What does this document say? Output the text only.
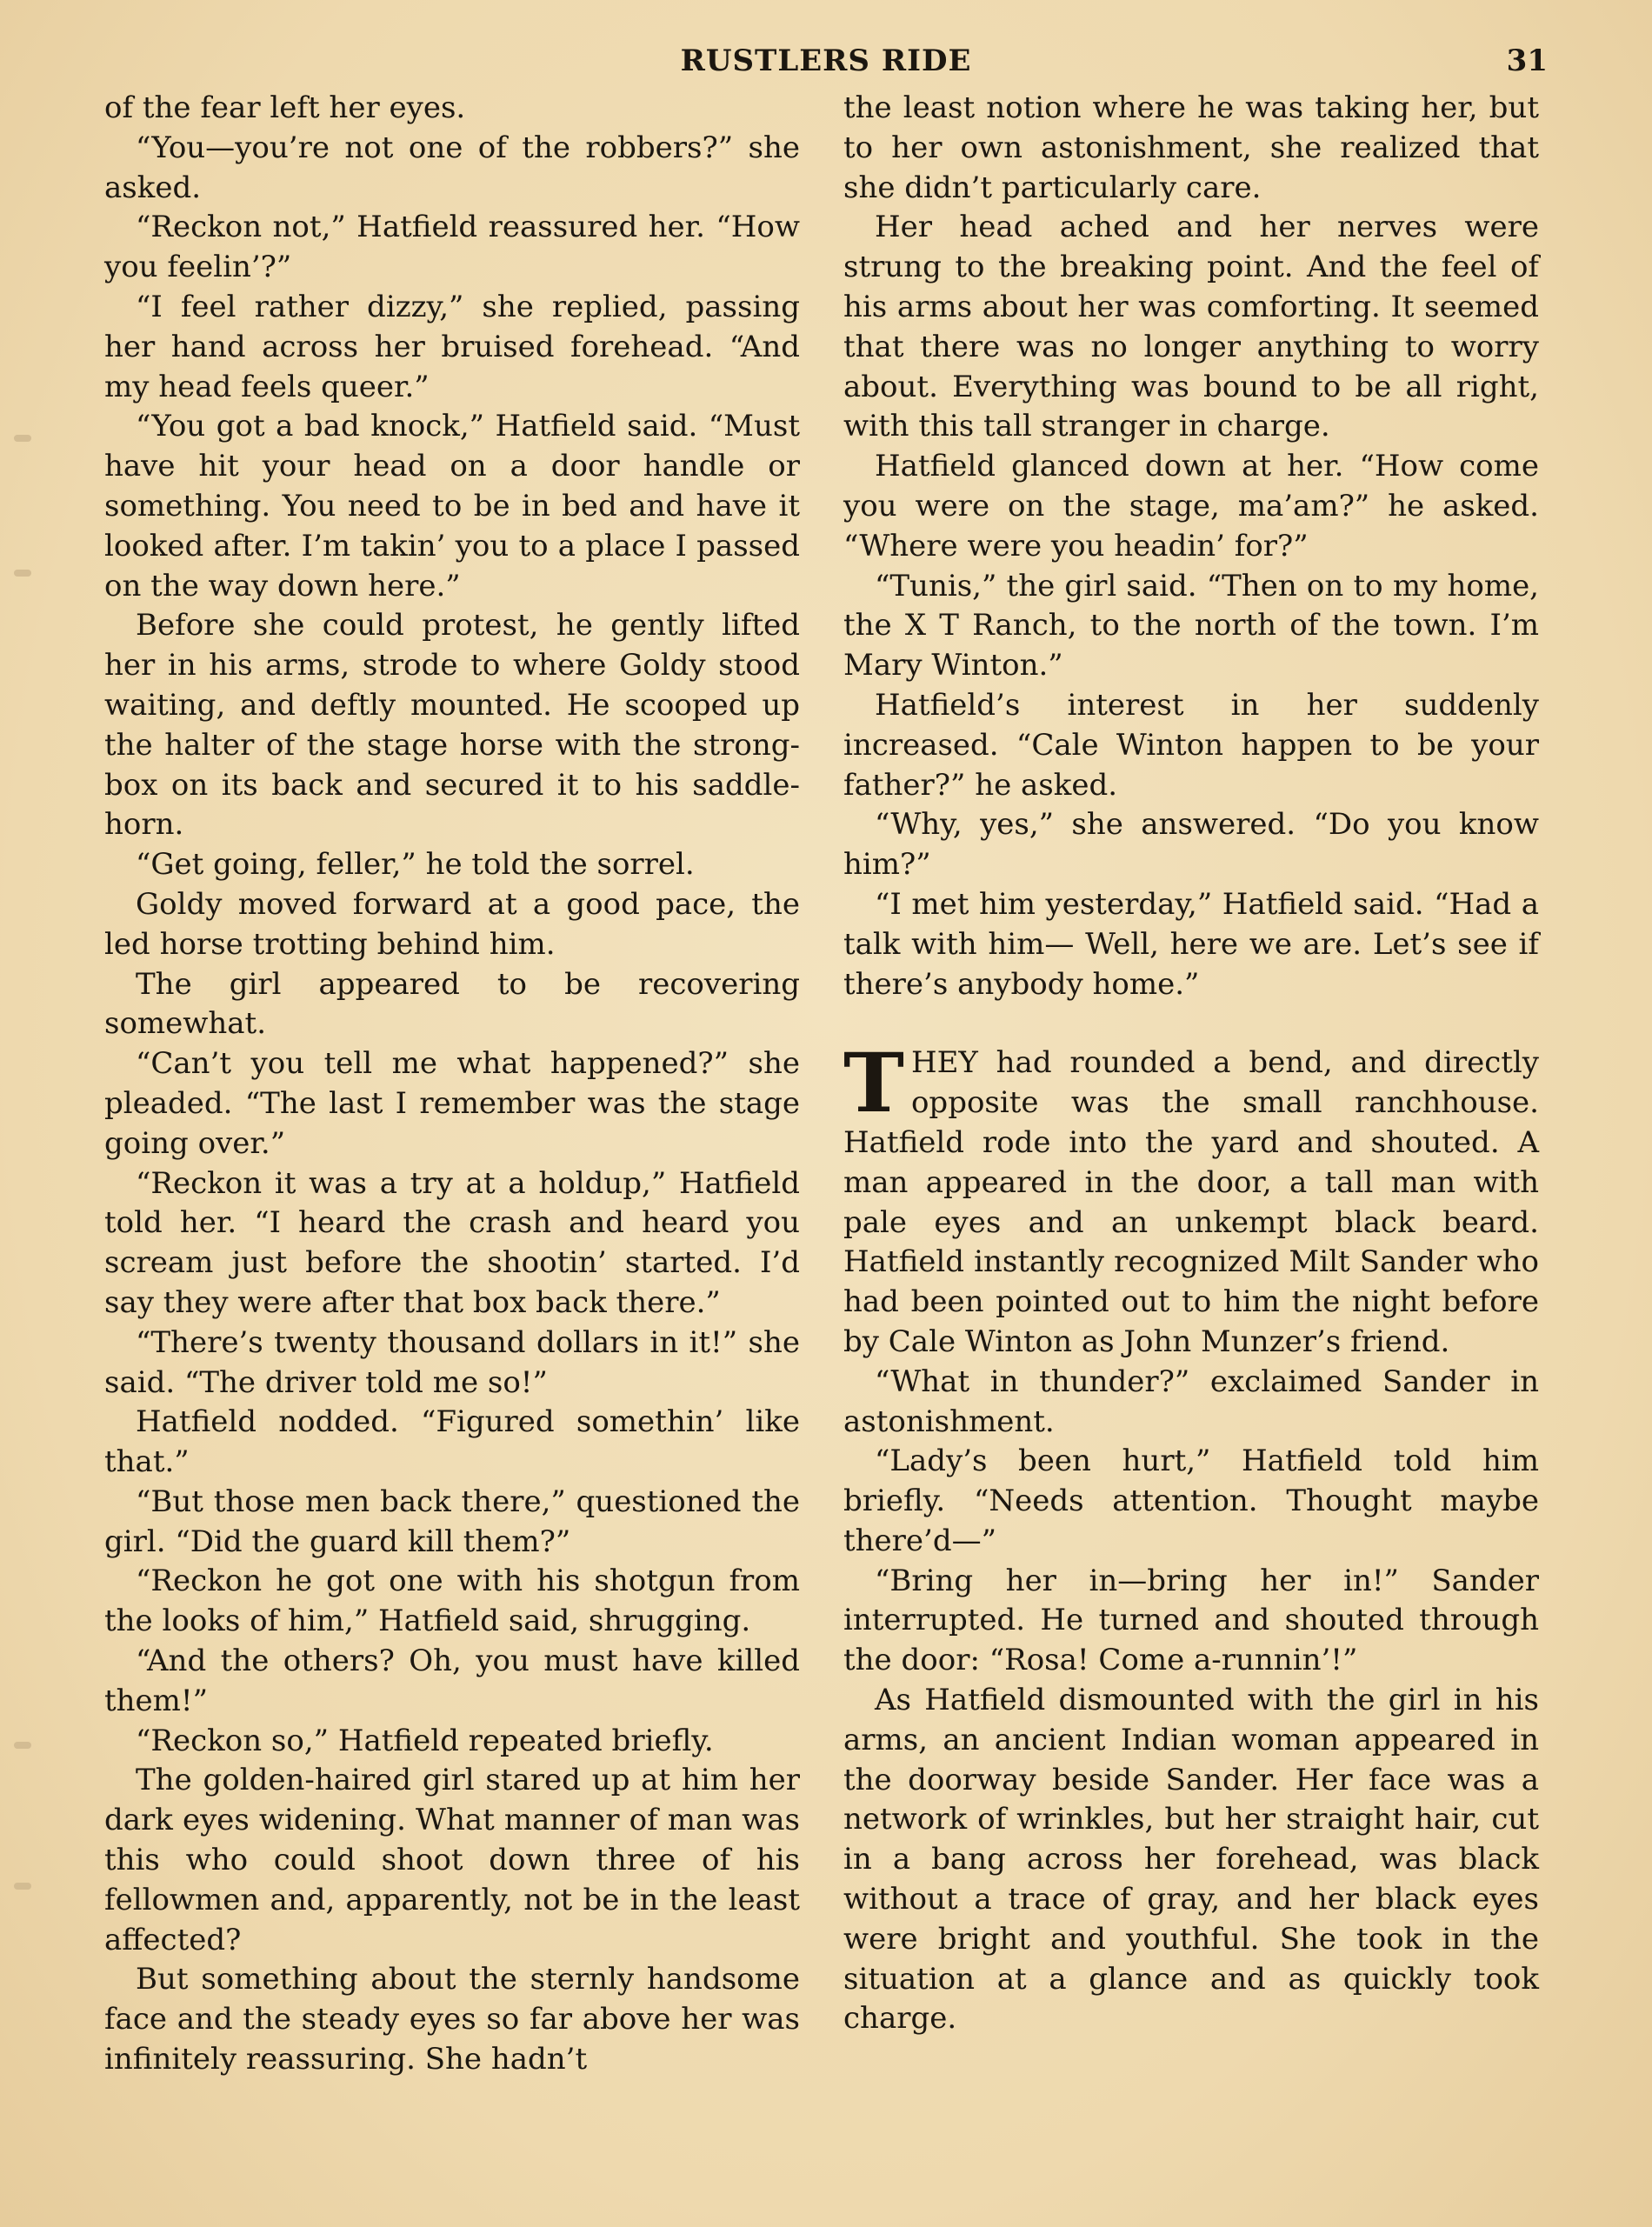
RUSTLERS RIDE	31

of the fear left her eyes.

“You—you’re not one of the robbers?” she asked.

“Reckon not,” Hatfield reassured her. “How you feelin’?”

“I feel rather dizzy,” she replied, passing her hand across her bruised forehead. “And my head feels queer.”

“You got a bad knock,” Hatfield said. “Must have hit your head on a door handle or something. You need to be in bed and have it looked after. I’m takin’ you to a place I passed on the way down here.”

Before she could protest, he gently lifted her in his arms, strode to where Goldy stood waiting, and deftly mounted. He scooped up the halter of the stage horse with the strong-box on its back and secured it to his saddle-horn.

“Get going, feller,” he told the sorrel.

Goldy moved forward at a good pace, the led horse trotting behind him.

The girl appeared to be recovering somewhat.

“Can’t you tell me what happened?” she pleaded. “The last I remember was the stage going over.”

“Reckon it was a try at a holdup,” Hatfield told her. “I heard the crash and heard you scream just before the shootin’ started. I’d say they were after that box back there.”

“There’s twenty thousand dollars in it!” she said. “The driver told me so!”

Hatfield nodded. “Figured somethin’ like that.”

“But those men back there,” questioned the girl. “Did the guard kill them?”

“Reckon he got one with his shotgun from the looks of him,” Hatfield said, shrugging.

“And the others? Oh, you must have killed them!”

“Reckon so,” Hatfield repeated briefly.

The golden-haired girl stared up at him her dark eyes widening. What manner of man was this who could shoot down three of his fellowmen and, apparently, not be in the least affected?

But something about the sternly handsome face and the steady eyes so far above her was infinitely reassuring. She hadn’t

the least notion where he was taking her, but to her own astonishment, she realized that she didn’t particularly care.

Her head ached and her nerves were strung to the breaking point. And the feel of his arms about her was comforting. It seemed that there was no longer anything to worry about. Everything was bound to be all right, with this tall stranger in charge.

Hatfield glanced down at her. “How come you were on the stage, ma’am?” he asked. “Where were you headin’ for?”

“Tunis,” the girl said. “Then on to my home, the X T Ranch, to the north of the town. I’m Mary Winton.”

Hatfield’s interest in her suddenly increased. “Cale Winton happen to be your father?” he asked.

“Why, yes,” she answered. “Do you know him?”

“I met him yesterday,” Hatfield said. “Had a talk with him— Well, here we are. Let’s see if there’s anybody home.”

THEY had rounded a bend, and directly opposite was the small ranchhouse. Hatfield rode into the yard and shouted. A man appeared in the door, a tall man with pale eyes and an unkempt black beard. Hatfield instantly recognized Milt Sander who had been pointed out to him the night before by Cale Winton as John Munzer’s friend.

“What in thunder?” exclaimed Sander in astonishment.

“Lady’s been hurt,” Hatfield told him briefly. “Needs attention. Thought maybe there’d—”

“Bring her in—bring her in!” Sander interrupted. He turned and shouted through the door: “Rosa! Come a-runnin’!”

As Hatfield dismounted with the girl in his arms, an ancient Indian woman appeared in the doorway beside Sander. Her face was a network of wrinkles, but her straight hair, cut in a bang across her forehead, was black without a trace of gray, and her black eyes were bright and youthful. She took in the situation at a glance and as quickly took charge.
